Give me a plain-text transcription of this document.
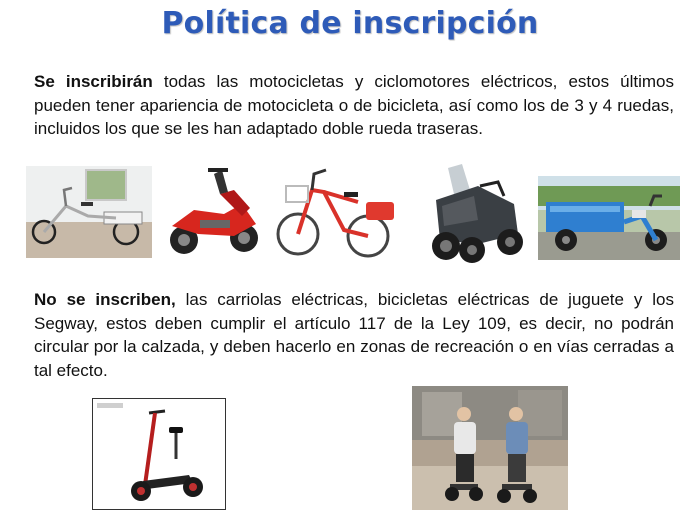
Política de inscripción
Se inscribirán todas las motocicletas y ciclomotores eléctricos, estos últimos pueden tener apariencia de motocicleta o de bicicleta, así como los de 3 y 4 ruedas, incluidos los que se les han adaptado doble rueda traseras.
No se inscriben, las carriolas eléctricas, bicicletas eléctricas de juguete y los Segway, estos deben cumplir el artículo 117 de la Ley 109, es decir, no podrán circular por la calzada, y deben hacerlo en zonas de recreación o en vías cerradas a tal efecto.
